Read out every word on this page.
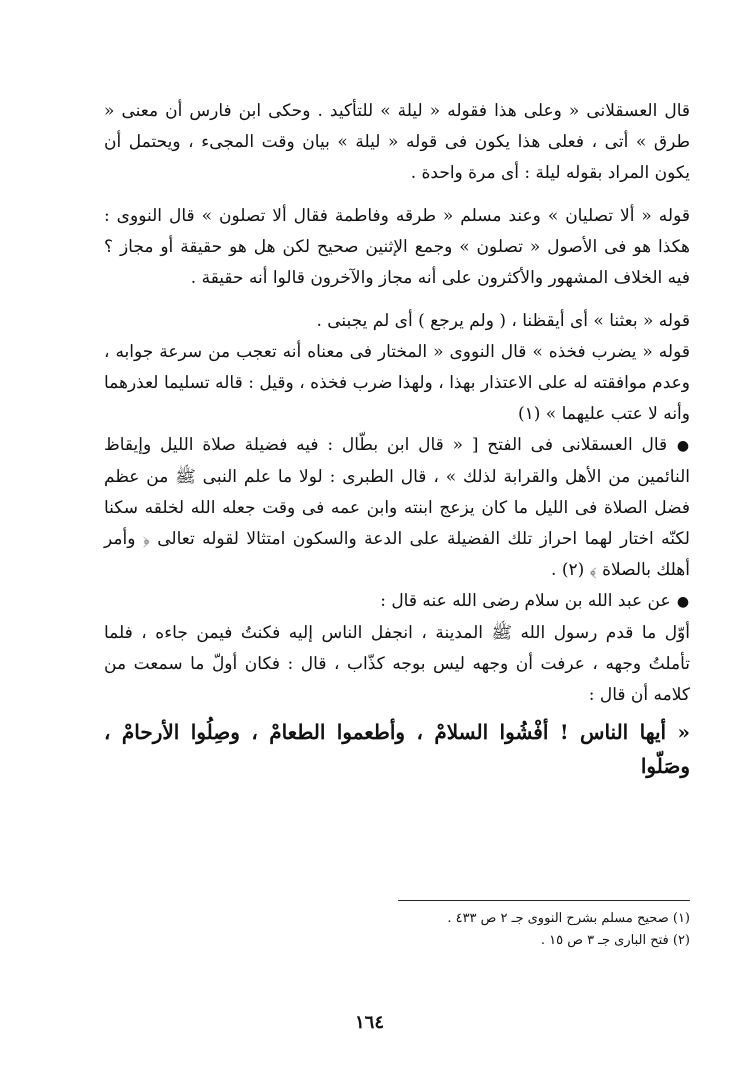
قال العسقلانى « وعلى هذا فقوله « ليلة » للتأكيد . وحكى ابن فارس أن معنى « طرق » أتى ، فعلى هذا يكون فى قوله « ليلة » بيان وقت المجىء ، ويحتمل أن يكون المراد بقوله ليلة : أى مرة واحدة .

قوله « ألا تصليان » وعند مسلم « طرقه وفاطمة فقال ألا تصلون » قال النووى : هكذا هو فى الأصول « تصلون » وجمع الإثنين صحيح لكن هل هو حقيقة أو مجاز ؟ فيه الخلاف المشهور والأكثرون على أنه مجاز والآخرون قالوا أنه حقيقة .

قوله « بعثنا » أى أيقظنا ، ( ولم يرجع ) أى لم يجبنى .

قوله « يضرب فخذه » قال النووى « المختار فى معناه أنه تعجب من سرعة جوابه ، وعدم موافقته له على الاعتذار بهذا ، ولهذا ضرب فخذه ، وقيل : قاله تسليما لعذرهما وأنه لا عتب عليهما » (١)

● قال العسقلانى فى الفتح [ « قال ابن بطّال : فيه فضيلة صلاة الليل وإيقاظ النائمين من الأهل والقرابة لذلك » ، قال الطبرى : لولا ما علم النبى ﷺ من عظم فضل الصلاة فى الليل ما كان يزعج ابنته وابن عمه فى وقت جعله الله لخلقه سكنا لكنّه اختار لهما احراز تلك الفضيلة على الدعة والسكون امتثالا لقوله تعالى ﴿ وأمر أهلك بالصلاة ﴾ (٢) .

● عن عبد الله بن سلام رضى الله عنه قال :

أوّل ما قدم رسول الله ﷺ المدينة ، انجفل الناس إليه فكنتُ فيمن جاءه ، فلما تأملتُ وجهه ، عرفت أن وجهه ليس بوجه كذّاب ، قال : فكان أولّ ما سمعت من كلامه أن قال :

« أيها الناس ! أفْشُوا السلامْ ، وأطعموا الطعامْ ، وصِلُوا الأرحامْ ، وصَلّوا

(١) صحيح مسلم بشرح النووى جـ ٢ ص ٤٣٣ .

(٢) فتح البارى جـ ٣ ص ١٥ .

١٦٤
